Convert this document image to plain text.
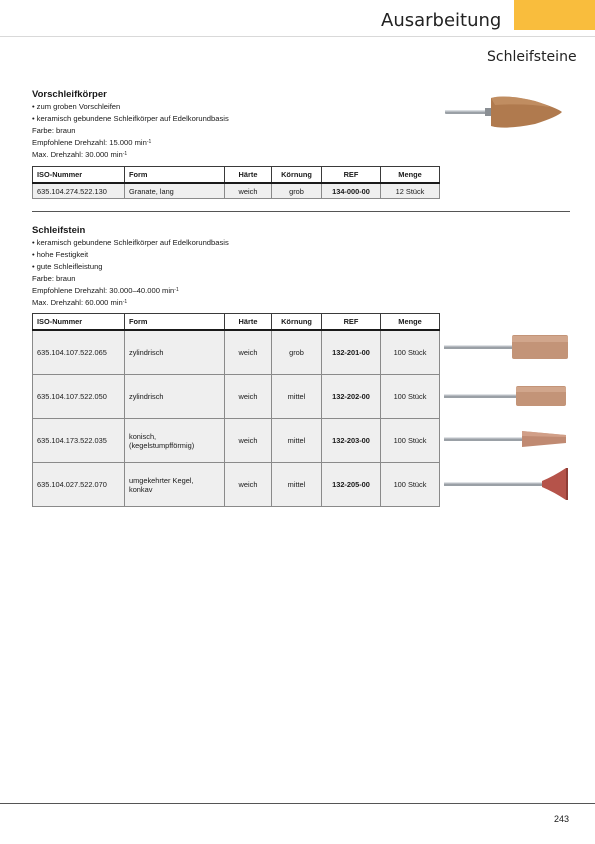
Ausarbeitung
Schleifsteine

Vorschleifkörper

• zum groben Vorschleifen

• keramisch gebundene Schleifkörper auf Edelkorundbasis

Farbe: braun

Empfohlene Drehzahl: 15.000 $\min^{-1}$

Max. Drehzahl: 30.000 $\min^{-1}$

ISO-Nummer	Form	Härte	Körnung	REF	Menge
635.104.274.522.130	Granate, lang	weich	grob	134-000-00	12 Stück

Schleifstein

• keramisch gebundene Schleifkörper auf Edelkorundbasis

• hohe Festigkeit

• gute Schleifleistung

Farbe: braun

Empfohlene Drehzahl: 30.000–40.000 $\min^{-1}$

Max. Drehzahl: 60.000 $\min^{-1}$

ISO-Nummer	Form	Härte	Körnung	REF	Menge
635.104.107.522.065	zylindrisch	weich	grob	132-201-00	100 Stück
635.104.107.522.050	zylindrisch	weich	mittel	132-202-00	100 Stück
635.104.173.522.035	konisch,
(kegelstumpfförmig)	weich	mittel	132-203-00	100 Stück
635.104.027.522.070	umgekehrter Kegel,
konkav	weich	mittel	132-205-00	100 Stück
243
